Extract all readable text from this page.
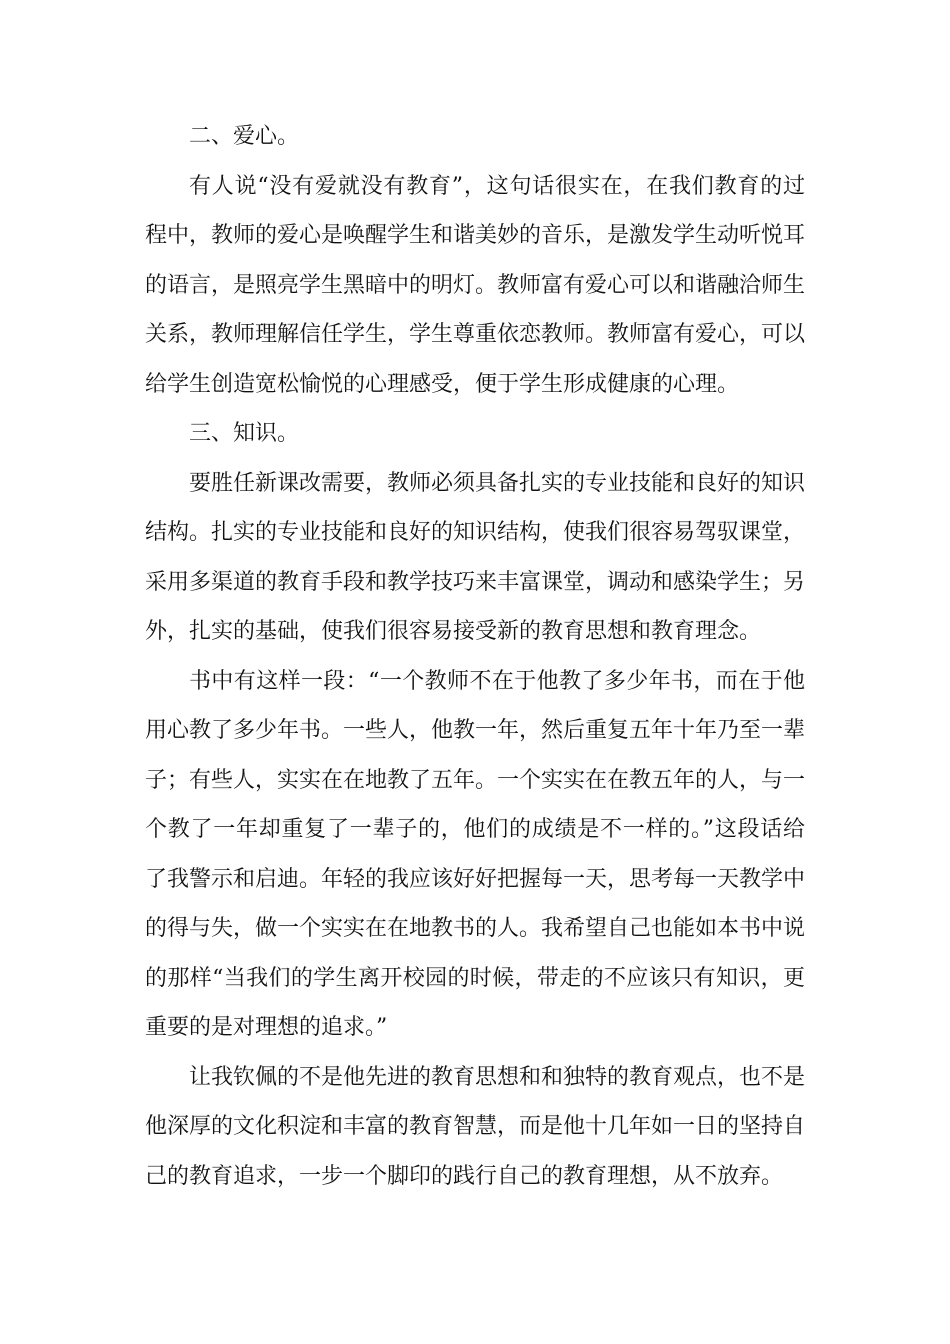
二、爱心。

有人说“没有爱就没有教育”，这句话很实在，在我们教育的过程中，教师的爱心是唤醒学生和谐美妙的音乐，是激发学生动听悦耳的语言，是照亮学生黑暗中的明灯。教师富有爱心可以和谐融洽师生关系，教师理解信任学生，学生尊重依恋教师。教师富有爱心，可以给学生创造宽松愉悦的心理感受，便于学生形成健康的心理。

三、知识。

要胜任新课改需要，教师必须具备扎实的专业技能和良好的知识结构。扎实的专业技能和良好的知识结构，使我们很容易驾驭课堂，采用多渠道的教育手段和教学技巧来丰富课堂，调动和感染学生；另外，扎实的基础，使我们很容易接受新的教育思想和教育理念。

书中有这样一段：“一个教师不在于他教了多少年书，而在于他用心教了多少年书。一些人，他教一年，然后重复五年十年乃至一辈子；有些人，实实在在地教了五年。一个实实在在教五年的人，与一个教了一年却重复了一辈子的，他们的成绩是不一样的。”这段话给了我警示和启迪。年轻的我应该好好把握每一天，思考每一天教学中的得与失，做一个实实在在地教书的人。我希望自己也能如本书中说的那样“当我们的学生离开校园的时候，带走的不应该只有知识，更重要的是对理想的追求。”

让我钦佩的不是他先进的教育思想和和独特的教育观点，也不是他深厚的文化积淀和丰富的教育智慧，而是他十几年如一日的坚持自己的教育追求，一步一个脚印的践行自己的教育理想，从不放弃。
